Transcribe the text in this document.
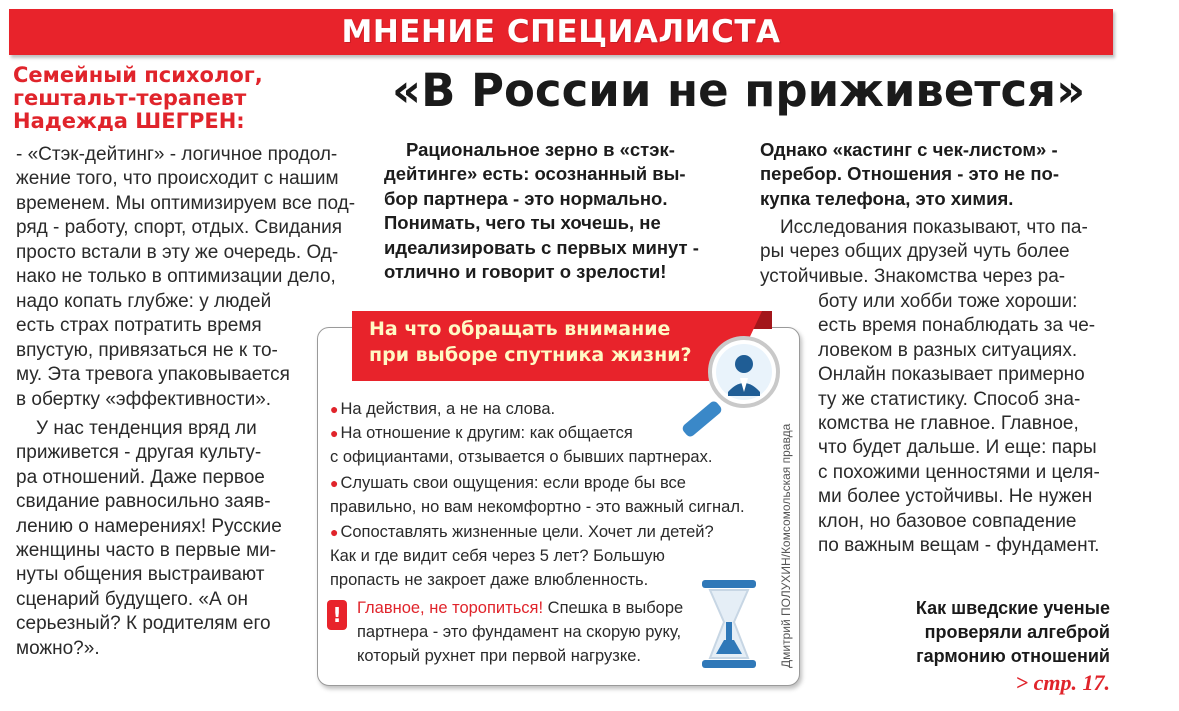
МНЕНИЕ СПЕЦИАЛИСТА
Семейный психолог,
гештальт-терапевт
Надежда ШЕГРЕН:
«В России не приживется»
- «Стэк-дейтинг» - логичное продол-
жение того, что происходит с нашим
временем. Мы оптимизируем все под-
ряд - работу, спорт, отдых. Свидания
просто встали в эту же очередь. Од-
нако не только в оптимизации дело,
надо копать глубже: у людей
есть страх потратить время
впустую, привязаться не к то-
му. Эта тревога упаковывается
в обертку «эффективности».
У нас тенденция вряд ли
приживется - другая культу-
ра отношений. Даже первое
свидание равносильно заяв-
лению о намерениях! Русские
женщины часто в первые ми-
нуты общения выстраивают
сценарий будущего. «А он
серьезный? К родителям его
можно?».
Рациональное зерно в «стэк-
дейтинге» есть: осознанный вы-
бор партнера - это нормально.
Понимать, чего ты хочешь, не
идеализировать с первых минут -
отлично и говорит о зрелости!
Однако «кастинг с чек-листом» -
перебор. Отношения - это не по-
купка телефона, это химия.
Исследования показывают, что па-
ры через общих друзей чуть более
устойчивые. Знакомства через ра-
боту или хобби тоже хороши:
есть время понаблюдать за че-
ловеком в разных ситуациях.
Онлайн показывает примерно
ту же статистику. Способ зна-
комства не главное. Главное,
что будет дальше. И еще: пары
с похожими ценностями и целя-
ми более устойчивы. Не нужен
клон, но базовое совпадение
по важным вещам - фундамент.
На что обращать внимание
при выборе спутника жизни?
● На действия, а не на слова.
● На отношение к другим: как общается
с официантами, отзывается о бывших партнерах.
● Слушать свои ощущения: если вроде бы все
правильно, но вам некомфортно - это важный сигнал.
● Сопоставлять жизненные цели. Хочет ли детей?
Как и где видит себя через 5 лет? Большую
пропасть не закроет даже влюбленность.
! Главное, не торопиться! Спешка в выборе
партнера - это фундамент на скорую руку,
который рухнет при первой нагрузке.	Дмитрий ПОЛУХИН/Комсомольская правда	Как шведские ученые
проверяли алгеброй
гармонию отношений
> стр. 17.
